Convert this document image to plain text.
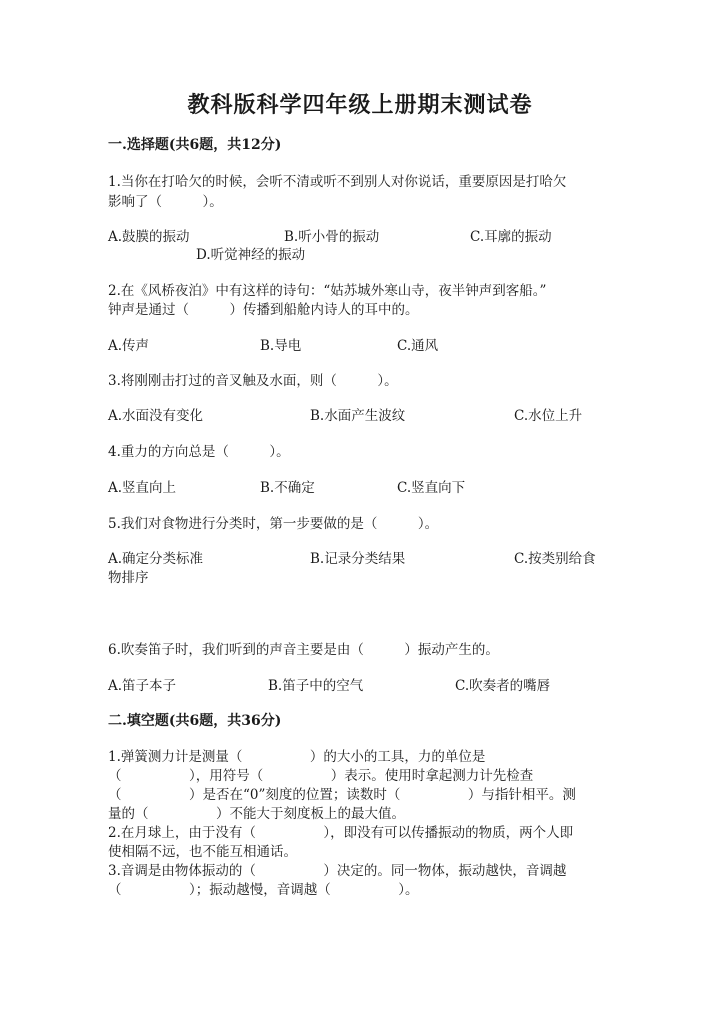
教科版科学四年级上册期末测试卷
一.选择题(共6题，共12分)
1.当你在打哈欠的时候，会听不清或听不到别人对你说话，重要原因是打哈欠
影响了（　　　）。
A.鼓膜的振动	B.听小骨的振动	C.耳廓的振动
D.听觉神经的振动
2.在《风桥夜泊》中有这样的诗句：“姑苏城外寒山寺，夜半钟声到客船。”
钟声是通过（　　　）传播到船舱内诗人的耳中的。
A.传声	B.导电	C.通风
3.将刚刚击打过的音叉触及水面，则（　　　）。
A.水面没有变化	B.水面产生波纹	C.水位上升
4.重力的方向总是（　　　）。
A.竖直向上	B.不确定	C.竖直向下
5.我们对食物进行分类时，第一步要做的是（　　　）。
A.确定分类标准	B.记录分类结果	C.按类别给食
物排序
6.吹奏笛子时，我们听到的声音主要是由（　　　）振动产生的。
A.笛子本子	B.笛子中的空气	C.吹奏者的嘴唇
二.填空题(共6题，共36分)
1.弹簧测力计是测量（　　　　　）的大小的工具，力的单位是
（　　　　　），用符号（　　　　　）表示。使用时拿起测力计先检查
（　　　　　）是否在“0”刻度的位置；读数时（　　　　　）与指针相平。测
量的（　　　　　）不能大于刻度板上的最大值。
2.在月球上，由于没有（　　　　　），即没有可以传播振动的物质，两个人即
使相隔不远，也不能互相通话。
3.音调是由物体振动的（　　　　　）决定的。同一物体，振动越快，音调越
（　　　　　）；振动越慢，音调越（　　　　　）。
